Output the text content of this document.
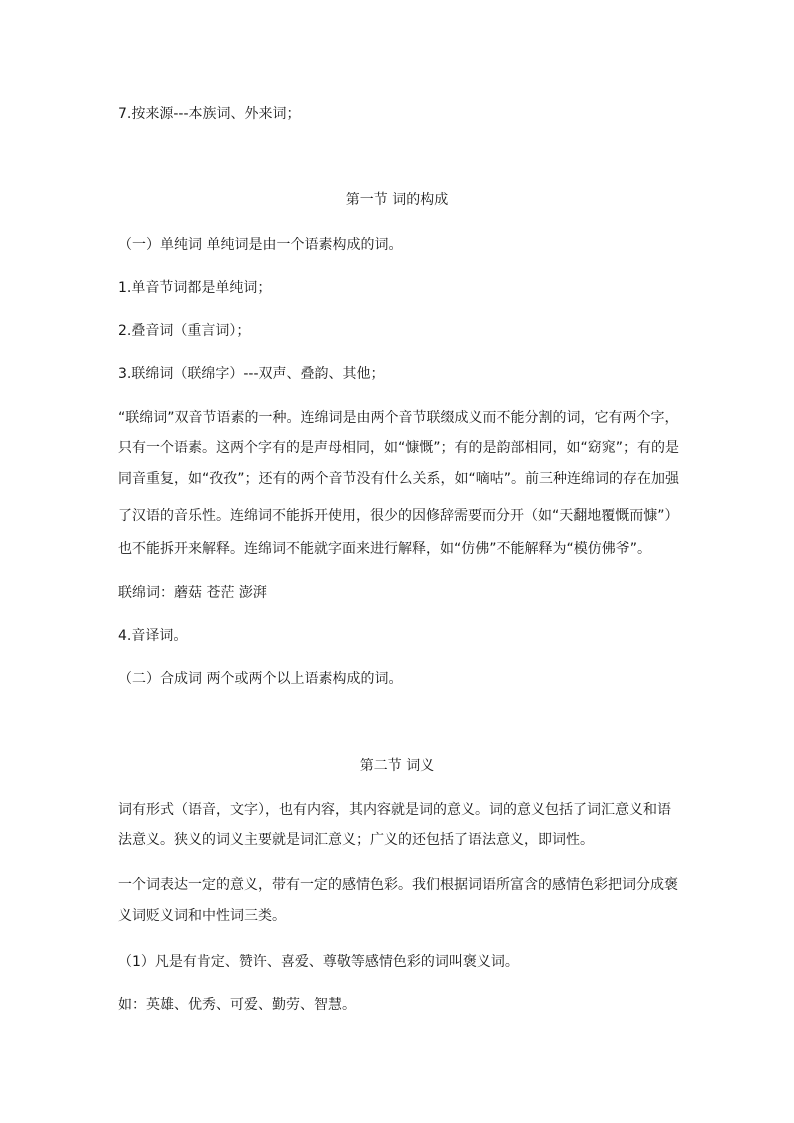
7.按来源---本族词、外来词；
第一节 词的构成
（一）单纯词 单纯词是由一个语素构成的词。
1.单音节词都是单纯词；
2.叠音词（重言词）；
3.联绵词（联绵字）---双声、叠韵、其他；
“联绵词”双音节语素的一种。连绵词是由两个音节联缀成义而不能分割的词，它有两个字，
只有一个语素。这两个字有的是声母相同，如“慷慨”；有的是韵部相同，如“窈窕”；有的是
同音重复，如“孜孜”；还有的两个音节没有什么关系，如“嘀咕”。前三种连绵词的存在加强
了汉语的音乐性。连绵词不能拆开使用，很少的因修辞需要而分开（如“天翻地覆慨而慷”）
也不能拆开来解释。连绵词不能就字面来进行解释，如“仿佛”不能解释为“模仿佛爷”。
联绵词：蘑菇 苍茫 澎湃
4.音译词。
（二）合成词 两个或两个以上语素构成的词。
第二节 词义
词有形式（语音，文字），也有内容，其内容就是词的意义。词的意义包括了词汇意义和语
法意义。狭义的词义主要就是词汇意义；广义的还包括了语法意义，即词性。
一个词表达一定的意义，带有一定的感情色彩。我们根据词语所富含的感情色彩把词分成褒
义词贬义词和中性词三类。
（1）凡是有肯定、赞许、喜爱、尊敬等感情色彩的词叫褒义词。
如：英雄、优秀、可爱、勤劳、智慧。
